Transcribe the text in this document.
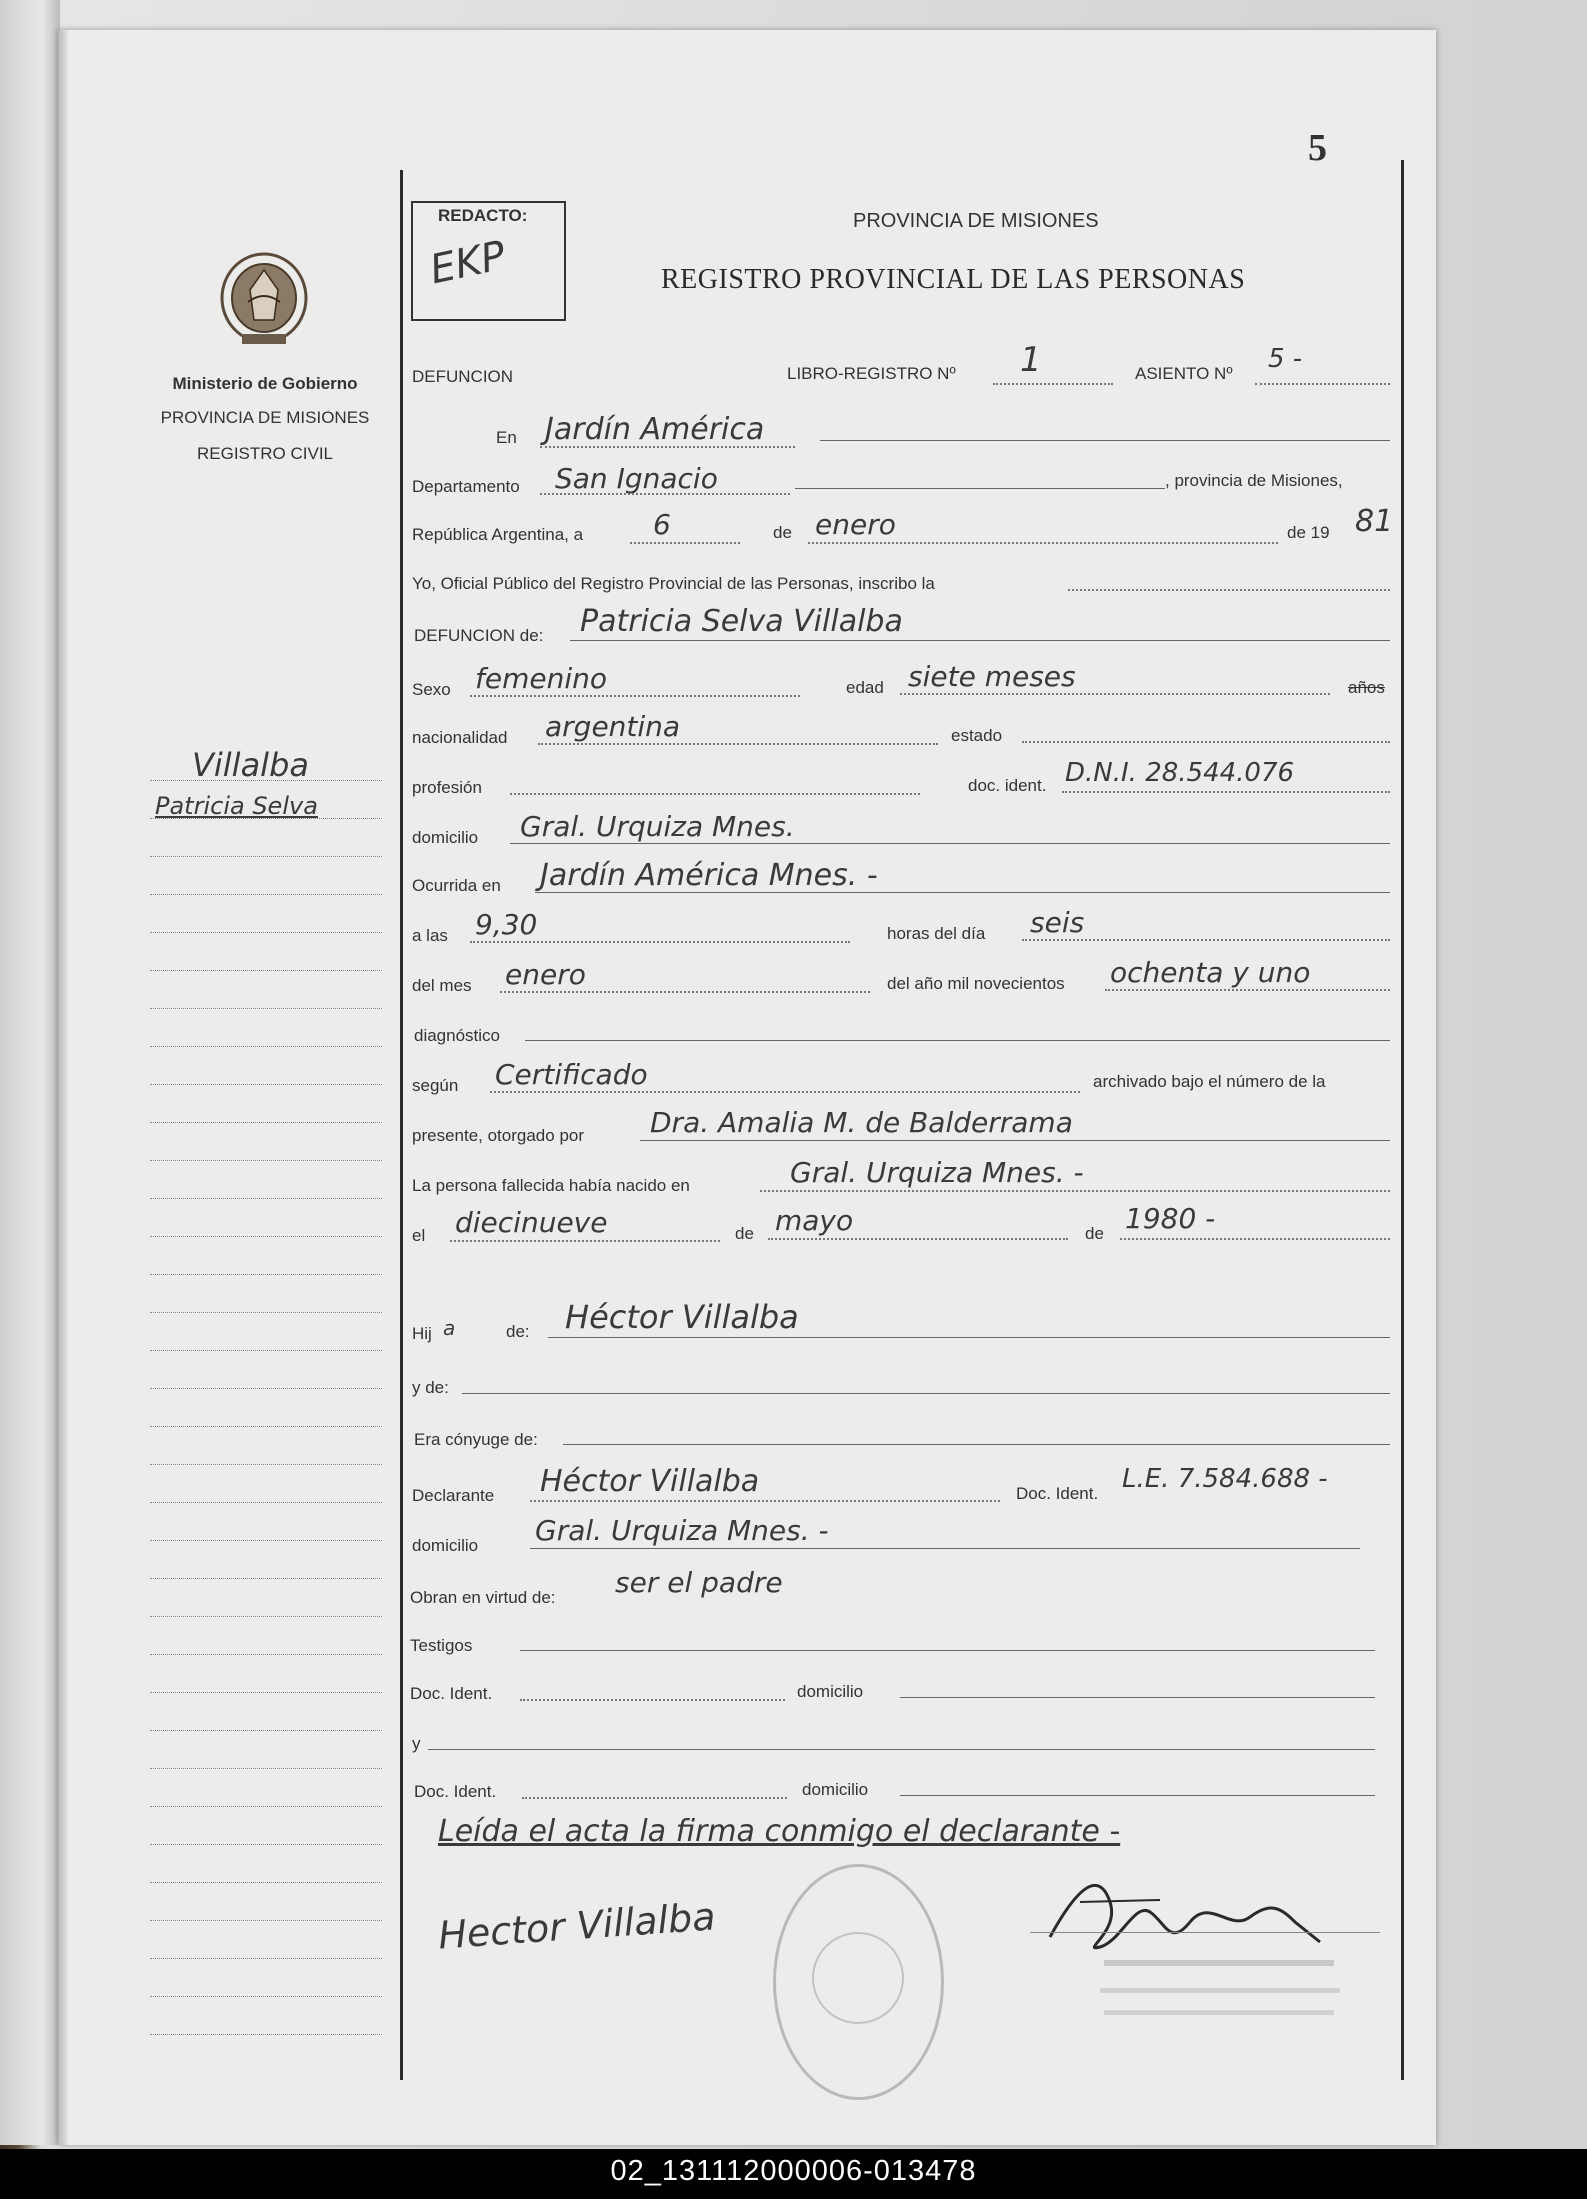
5
REDACTO:
EKP
PROVINCIA DE MISIONES
REGISTRO PROVINCIAL DE LAS PERSONAS
Ministerio de Gobierno
PROVINCIA DE MISIONES
REGISTRO CIVIL
Villalba
Patricia Selva
DEFUNCION	LIBRO-REGISTRO Nº 1	ASIENTO Nº 5 -
En Jardín América
Departamento San Ignacio	, provincia de Misiones,
República Argentina, a 6	de enero	de 19 81
Yo, Oficial Público del Registro Provincial de las Personas, inscribo la
DEFUNCION de: Patricia Selva Villalba
Sexo femenino	edad siete meses	años
nacionalidad argentina	estado
profesión	doc. ident. D.N.I. 28.544.076
domicilio Gral. Urquiza Mnes.
Ocurrida en Jardín América Mnes. -
a las 9,30	horas del día seis
del mes enero	del año mil novecientos ochenta y uno
diagnóstico
según Certificado	archivado bajo el número de la
presente, otorgado por Dra. Amalia M. de Balderrama
La persona fallecida había nacido en	Gral. Urquiza Mnes. -
el diecinueve	de mayo	de 1980 -
Hij a	de: Héctor Villalba
y de:
Era cónyuge de:
Declarante Héctor Villalba	Doc. Ident. L.E. 7.584.688 -
domicilio Gral. Urquiza Mnes. -
Obran en virtud de: ser el padre
Testigos
Doc. Ident.	domicilio
y
Doc. Ident.	domicilio
Leída el acta la firma conmigo el declarante -
Hector Villalba
02_131112000006-013478
